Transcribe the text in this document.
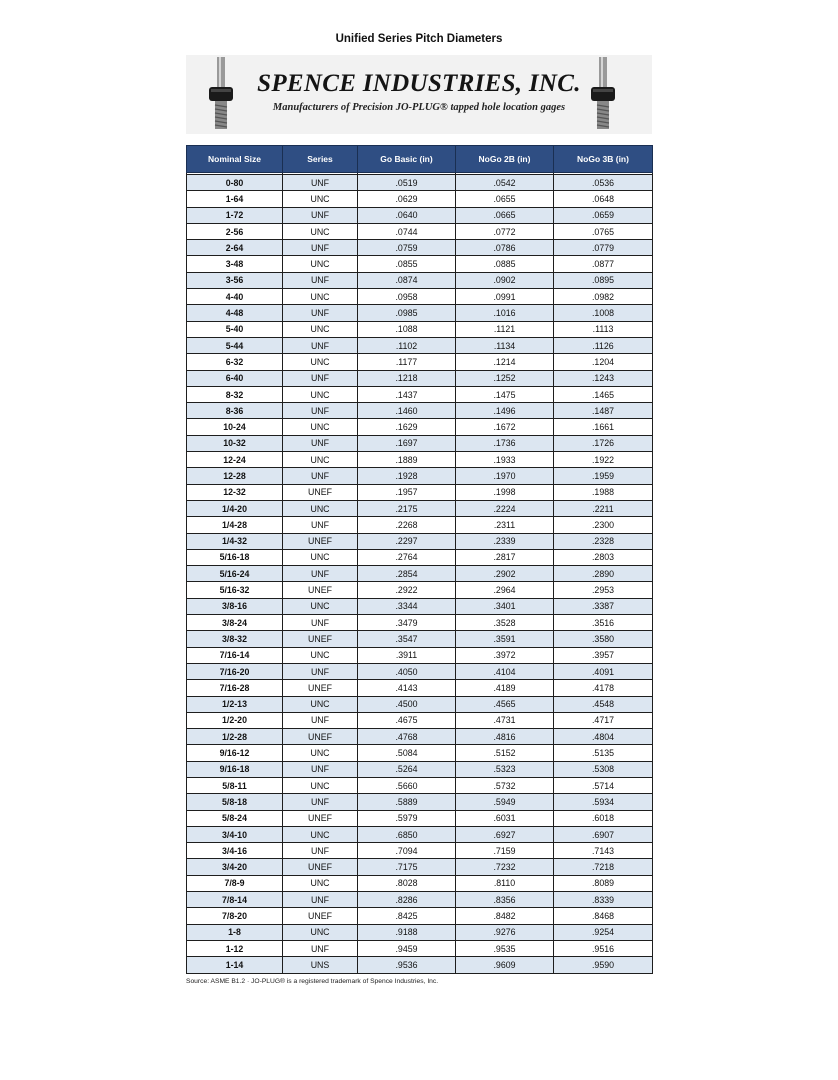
Unified Series Pitch Diameters
SPENCE INDUSTRIES, INC.
Manufacturers of Precision JO-PLUG® tapped hole location gages
Nominal Size	Series	Go Basic (in)	NoGo 2B (in)	NoGo 3B (in)

0-80	UNF	.0519	.0542	.0536
1-64	UNC	.0629	.0655	.0648
1-72	UNF	.0640	.0665	.0659
2-56	UNC	.0744	.0772	.0765
2-64	UNF	.0759	.0786	.0779
3-48	UNC	.0855	.0885	.0877
3-56	UNF	.0874	.0902	.0895
4-40	UNC	.0958	.0991	.0982
4-48	UNF	.0985	.1016	.1008
5-40	UNC	.1088	.1121	.1113
5-44	UNF	.1102	.1134	.1126
6-32	UNC	.1177	.1214	.1204
6-40	UNF	.1218	.1252	.1243
8-32	UNC	.1437	.1475	.1465
8-36	UNF	.1460	.1496	.1487
10-24	UNC	.1629	.1672	.1661
10-32	UNF	.1697	.1736	.1726
12-24	UNC	.1889	.1933	.1922
12-28	UNF	.1928	.1970	.1959
12-32	UNEF	.1957	.1998	.1988
1/4-20	UNC	.2175	.2224	.2211
1/4-28	UNF	.2268	.2311	.2300
1/4-32	UNEF	.2297	.2339	.2328
5/16-18	UNC	.2764	.2817	.2803
5/16-24	UNF	.2854	.2902	.2890
5/16-32	UNEF	.2922	.2964	.2953
3/8-16	UNC	.3344	.3401	.3387
3/8-24	UNF	.3479	.3528	.3516
3/8-32	UNEF	.3547	.3591	.3580
7/16-14	UNC	.3911	.3972	.3957
7/16-20	UNF	.4050	.4104	.4091
7/16-28	UNEF	.4143	.4189	.4178
1/2-13	UNC	.4500	.4565	.4548
1/2-20	UNF	.4675	.4731	.4717
1/2-28	UNEF	.4768	.4816	.4804
9/16-12	UNC	.5084	.5152	.5135
9/16-18	UNF	.5264	.5323	.5308
5/8-11	UNC	.5660	.5732	.5714
5/8-18	UNF	.5889	.5949	.5934
5/8-24	UNEF	.5979	.6031	.6018
3/4-10	UNC	.6850	.6927	.6907
3/4-16	UNF	.7094	.7159	.7143
3/4-20	UNEF	.7175	.7232	.7218
7/8-9	UNC	.8028	.8110	.8089
7/8-14	UNF	.8286	.8356	.8339
7/8-20	UNEF	.8425	.8482	.8468
1-8	UNC	.9188	.9276	.9254
1-12	UNF	.9459	.9535	.9516
1-14	UNS	.9536	.9609	.9590
Source: ASME B1.2 · JO-PLUG® is a registered trademark of Spence Industries, Inc.
